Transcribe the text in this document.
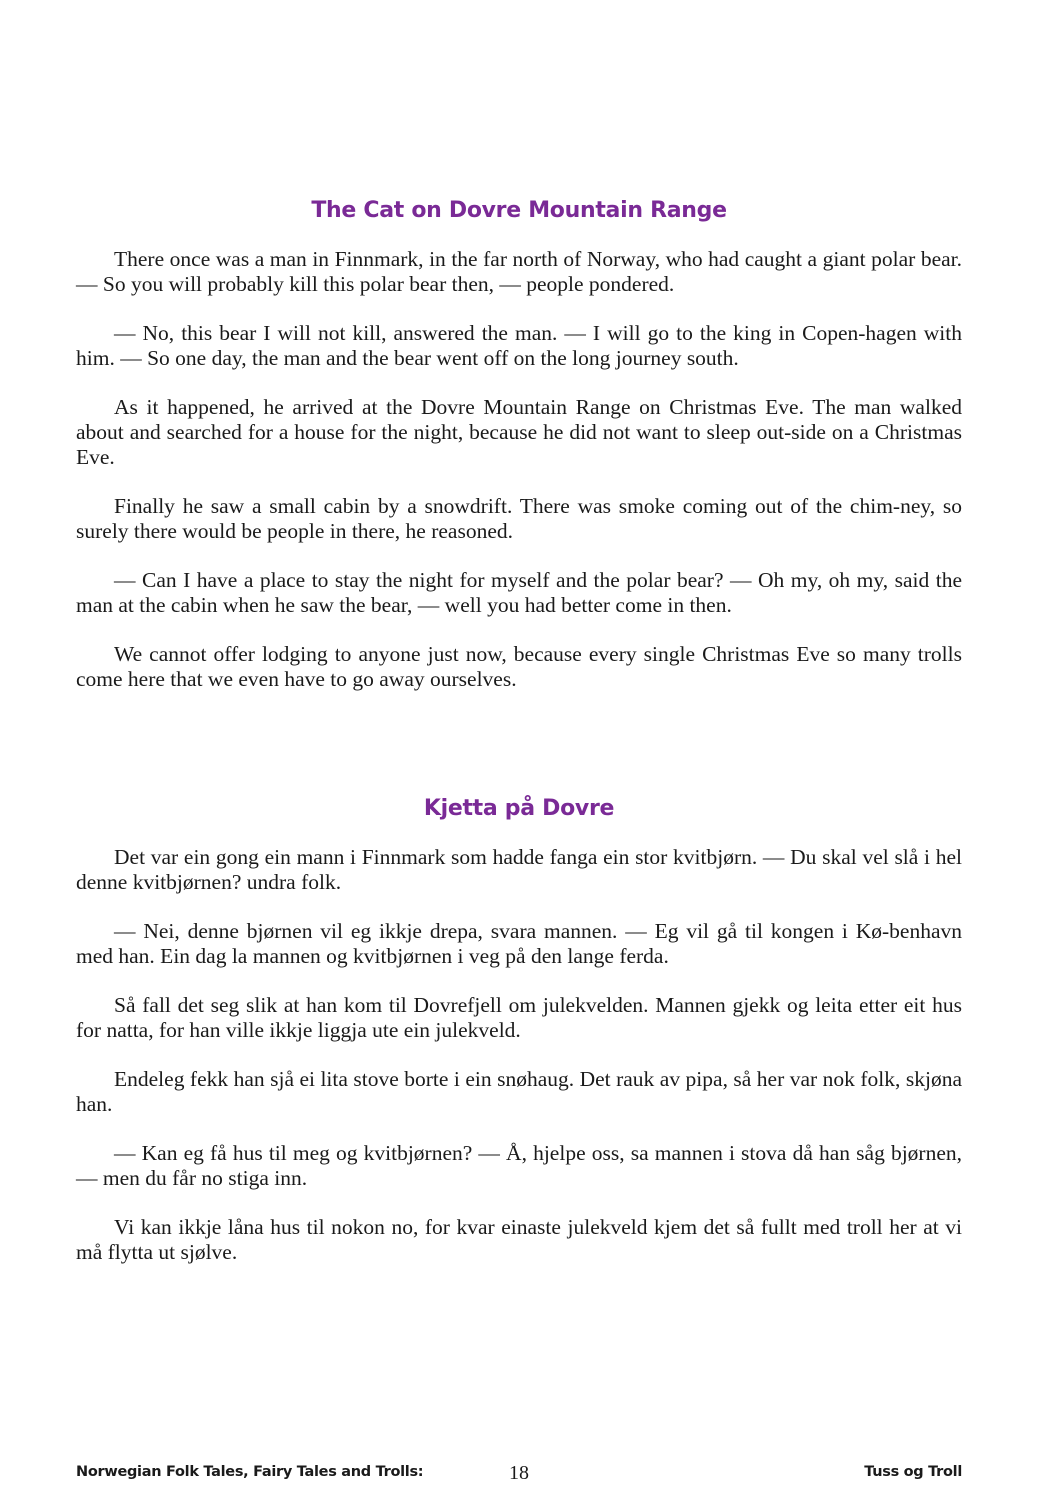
The Cat on Dovre Mountain Range

There once was a man in Finnmark, in the far north of Norway, who had caught a giant polar bear. — So you will probably kill this polar bear then, — people pondered.

— No, this bear I will not kill, answered the man. — I will go to the king in Copen-hagen with him. — So one day, the man and the bear went off on the long journey south.

As it happened, he arrived at the Dovre Mountain Range on Christmas Eve. The man walked about and searched for a house for the night, because he did not want to sleep out-side on a Christmas Eve.

Finally he saw a small cabin by a snowdrift. There was smoke coming out of the chim-ney, so surely there would be people in there, he reasoned.

— Can I have a place to stay the night for myself and the polar bear? — Oh my, oh my, said the man at the cabin when he saw the bear, — well you had better come in then.

We cannot offer lodging to anyone just now, because every single Christmas Eve so many trolls come here that we even have to go away ourselves.

Kjetta på Dovre

Det var ein gong ein mann i Finnmark som hadde fanga ein stor kvitbjørn. — Du skal vel slå i hel denne kvitbjørnen? undra folk.

— Nei, denne bjørnen vil eg ikkje drepa, svara mannen. — Eg vil gå til kongen i Kø-benhavn med han. Ein dag la mannen og kvitbjørnen i veg på den lange ferda.

Så fall det seg slik at han kom til Dovrefjell om julekvelden. Mannen gjekk og leita etter eit hus for natta, for han ville ikkje liggja ute ein julekveld.

Endeleg fekk han sjå ei lita stove borte i ein snøhaug. Det rauk av pipa, så her var nok folk, skjøna han.

— Kan eg få hus til meg og kvitbjørnen? — Å, hjelpe oss, sa mannen i stova då han såg bjørnen, — men du får no stiga inn.

Vi kan ikkje låna hus til nokon no, for kvar einaste julekveld kjem det så fullt med troll her at vi må flytta ut sjølve.

Norwegian Folk Tales, Fairy Tales and Trolls:	18	Tuss og Troll
